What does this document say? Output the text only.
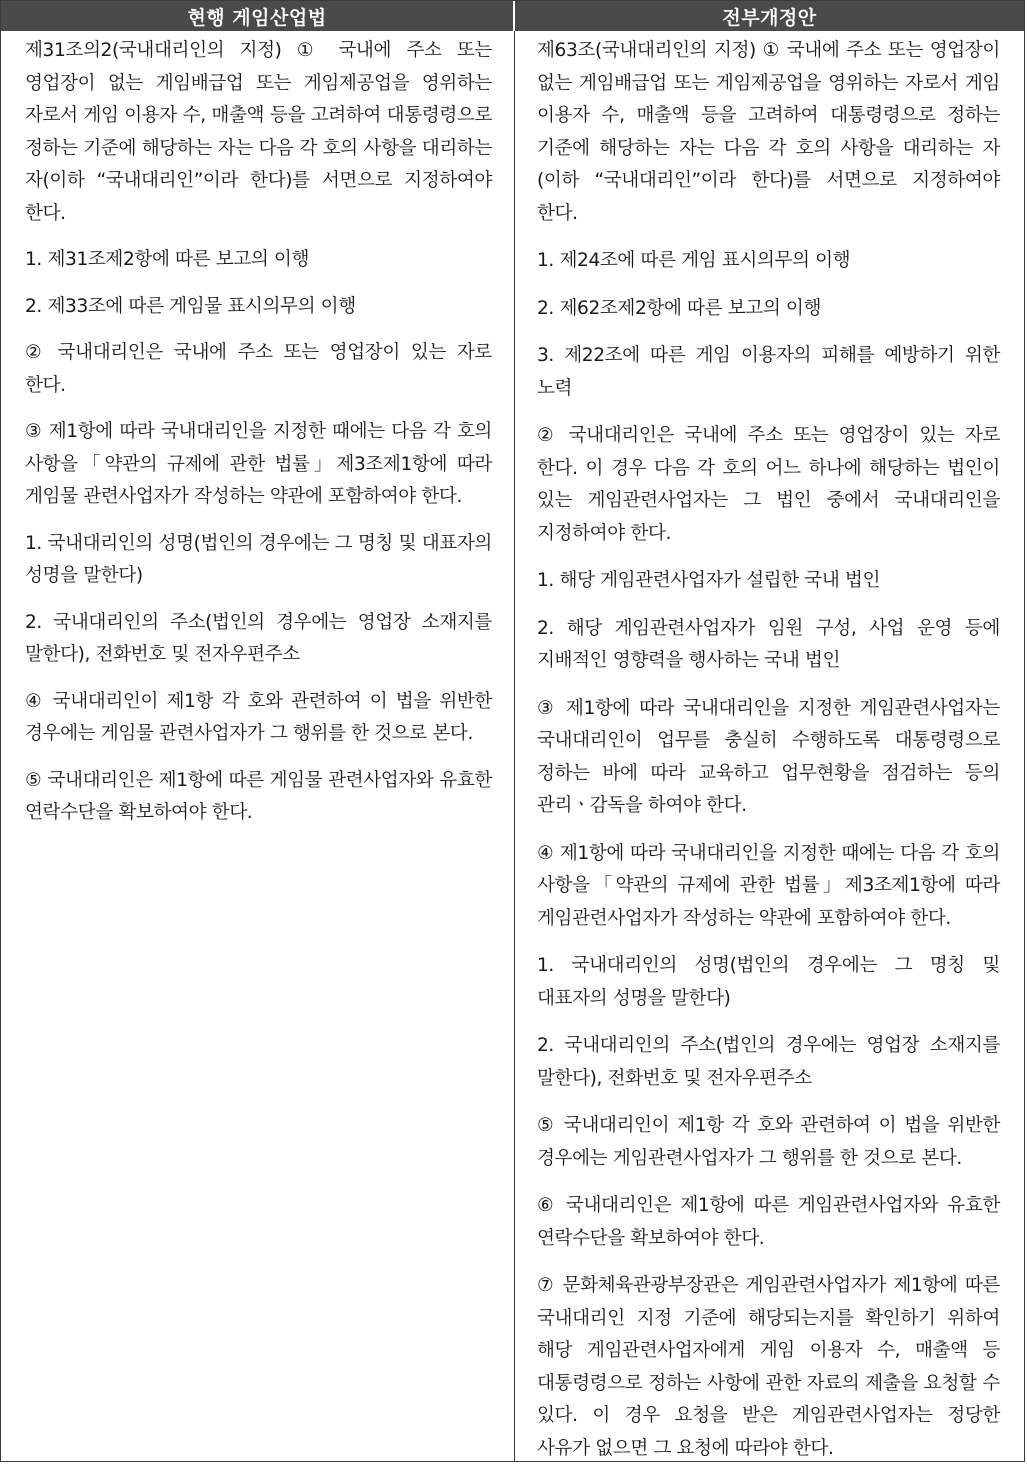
현행 게임산업법	전부개정안

제31조의2(국내대리인의 지정) ① 국내에 주소 또는 영업장이 없는 게임배급업 또는 게임제공업을 영위하는 자로서 게임 이용자 수, 매출액 등을 고려하여 대통령령으로 정하는 기준에 해당하는 자는 다음 각 호의 사항을 대리하는 자(이하 “국내대리인”이라 한다)를 서면으로 지정하여야 한다.

1. 제31조제2항에 따른 보고의 이행

2. 제33조에 따른 게임물 표시의무의 이행

② 국내대리인은 국내에 주소 또는 영업장이 있는 자로 한다.

③ 제1항에 따라 국내대리인을 지정한 때에는 다음 각 호의 사항을「약관의 규제에 관한 법률」제3조제1항에 따라 게임물 관련사업자가 작성하는 약관에 포함하여야 한다.

1. 국내대리인의 성명(법인의 경우에는 그 명칭 및 대표자의 성명을 말한다)

2. 국내대리인의 주소(법인의 경우에는 영업장 소재지를 말한다), 전화번호 및 전자우편주소

④ 국내대리인이 제1항 각 호와 관련하여 이 법을 위반한 경우에는 게임물 관련사업자가 그 행위를 한 것으로 본다.

⑤ 국내대리인은 제1항에 따른 게임물 관련사업자와 유효한 연락수단을 확보하여야 한다.

제63조(국내대리인의 지정) ① 국내에 주소 또는 영업장이 없는 게임배급업 또는 게임제공업을 영위하는 자로서 게임 이용자 수, 매출액 등을 고려하여 대통령령으로 정하는 기준에 해당하는 자는 다음 각 호의 사항을 대리하는 자(이하 “국내대리인”이라 한다)를 서면으로 지정하여야 한다.

1. 제24조에 따른 게임 표시의무의 이행

2. 제62조제2항에 따른 보고의 이행

3. 제22조에 따른 게임 이용자의 피해를 예방하기 위한 노력

② 국내대리인은 국내에 주소 또는 영업장이 있는 자로 한다. 이 경우 다음 각 호의 어느 하나에 해당하는 법인이 있는 게임관련사업자는 그 법인 중에서 국내대리인을 지정하여야 한다.

1. 해당 게임관련사업자가 설립한 국내 법인

2. 해당 게임관련사업자가 임원 구성, 사업 운영 등에 지배적인 영향력을 행사하는 국내 법인

③ 제1항에 따라 국내대리인을 지정한 게임관련사업자는 국내대리인이 업무를 충실히 수행하도록 대통령령으로 정하는 바에 따라 교육하고 업무현황을 점검하는 등의 관리ㆍ감독을 하여야 한다.

④ 제1항에 따라 국내대리인을 지정한 때에는 다음 각 호의 사항을「약관의 규제에 관한 법률」제3조제1항에 따라 게임관련사업자가 작성하는 약관에 포함하여야 한다.

1. 국내대리인의 성명(법인의 경우에는 그 명칭 및 대표자의 성명을 말한다)

2. 국내대리인의 주소(법인의 경우에는 영업장 소재지를 말한다), 전화번호 및 전자우편주소

⑤ 국내대리인이 제1항 각 호와 관련하여 이 법을 위반한 경우에는 게임관련사업자가 그 행위를 한 것으로 본다.

⑥ 국내대리인은 제1항에 따른 게임관련사업자와 유효한 연락수단을 확보하여야 한다.

⑦ 문화체육관광부장관은 게임관련사업자가 제1항에 따른 국내대리인 지정 기준에 해당되는지를 확인하기 위하여 해당 게임관련사업자에게 게임 이용자 수, 매출액 등 대통령령으로 정하는 사항에 관한 자료의 제출을 요청할 수 있다. 이 경우 요청을 받은 게임관련사업자는 정당한 사유가 없으면 그 요청에 따라야 한다.
